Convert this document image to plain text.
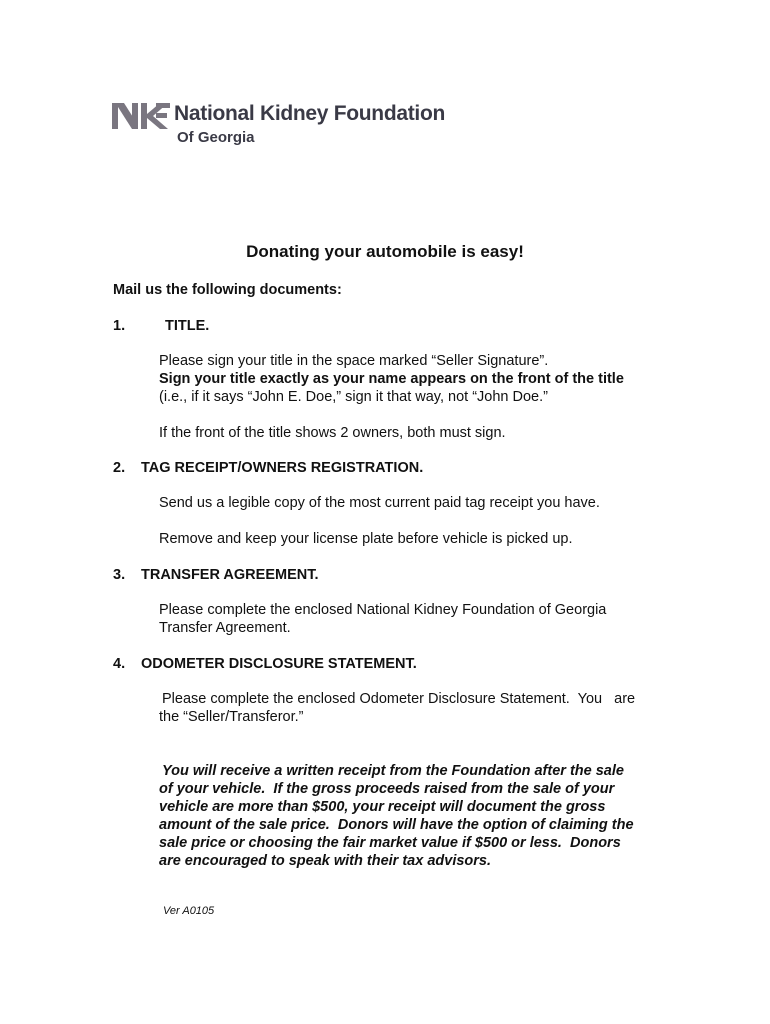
National Kidney Foundation
Of Georgia
Donating your automobile is easy!
Mail us the following documents:
1.	TITLE.
Please sign your title in the space marked “Seller Signature”.
Sign your title exactly as your name appears on the front of the title
(i.e., if it says “John E. Doe,” sign it that way, not “John Doe.”
If the front of the title shows 2 owners, both must sign.
2. TAG RECEIPT/OWNERS REGISTRATION.
Send us a legible copy of the most current paid tag receipt you have.
Remove and keep your license plate before vehicle is picked up.
3. TRANSFER AGREEMENT.
Please complete the enclosed National Kidney Foundation of Georgia
Transfer Agreement.
4. ODOMETER DISCLOSURE STATEMENT.
Please complete the enclosed Odometer Disclosure Statement.  You   are
the “Seller/Transferor.”
You will receive a written receipt from the Foundation after the sale
of your vehicle.  If the gross proceeds raised from the sale of your
vehicle are more than $500, your receipt will document the gross
amount of the sale price.  Donors will have the option of claiming the
sale price or choosing the fair market value if $500 or less.  Donors
are encouraged to speak with their tax advisors.
Ver A0105
